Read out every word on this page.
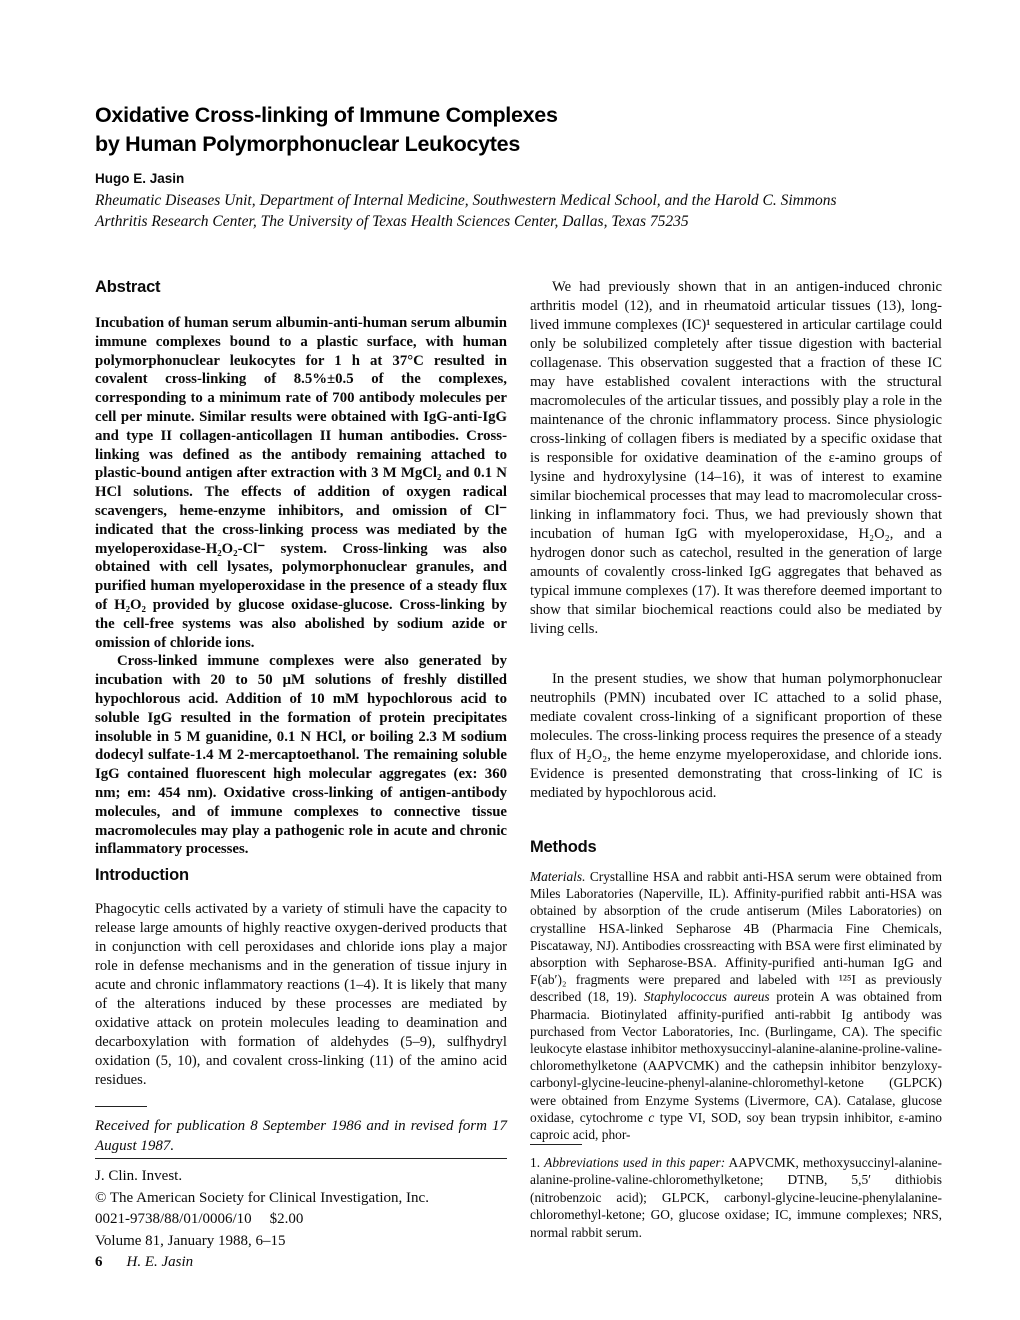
Oxidative Cross-linking of Immune Complexes
by Human Polymorphonuclear Leukocytes
Hugo E. Jasin
Rheumatic Diseases Unit, Department of Internal Medicine, Southwestern Medical School, and the Harold C. Simmons
Arthritis Research Center, The University of Texas Health Sciences Center, Dallas, Texas 75235
Abstract

Incubation of human serum albumin-anti-human serum albumin immune complexes bound to a plastic surface, with human polymorphonuclear leukocytes for 1 h at 37°C resulted in covalent cross-linking of 8.5%±0.5 of the complexes, corresponding to a minimum rate of 700 antibody molecules per cell per minute. Similar results were obtained with IgG-anti-IgG and type II collagen-anticollagen II human antibodies. Cross-linking was defined as the antibody remaining attached to plastic-bound antigen after extraction with 3 M MgCl₂ and 0.1 N HCl solutions. The effects of addition of oxygen radical scavengers, heme-enzyme inhibitors, and omission of Cl⁻ indicated that the cross-linking process was mediated by the myeloperoxidase-H₂O₂-Cl⁻ system. Cross-linking was also obtained with cell lysates, polymorphonuclear granules, and purified human myeloperoxidase in the presence of a steady flux of H₂O₂ provided by glucose oxidase-glucose. Cross-linking by the cell-free systems was also abolished by sodium azide or omission of chloride ions.

Cross-linked immune complexes were also generated by incubation with 20 to 50 μM solutions of freshly distilled hypochlorous acid. Addition of 10 mM hypochlorous acid to soluble IgG resulted in the formation of protein precipitates insoluble in 5 M guanidine, 0.1 N HCl, or boiling 2.3 M sodium dodecyl sulfate-1.4 M 2-mercaptoethanol. The remaining soluble IgG contained fluorescent high molecular aggregates (ex: 360 nm; em: 454 nm). Oxidative cross-linking of antigen-antibody molecules, and of immune complexes to connective tissue macromolecules may play a pathogenic role in acute and chronic inflammatory processes.

Introduction

Phagocytic cells activated by a variety of stimuli have the capacity to release large amounts of highly reactive oxygen-derived products that in conjunction with cell peroxidases and chloride ions play a major role in defense mechanisms and in the generation of tissue injury in acute and chronic inflammatory reactions (1–4). It is likely that many of the alterations induced by these processes are mediated by oxidative attack on protein molecules leading to deamination and decarboxylation with formation of aldehydes (5–9), sulfhydryl oxidation (5, 10), and covalent cross-linking (11) of the amino acid residues.

Received for publication 8 September 1986 and in revised form 17 August 1987.
J. Clin. Invest.
© The American Society for Clinical Investigation, Inc.
0021-9738/88/01/0006/10 $2.00
Volume 81, January 1988, 6–15

We had previously shown that in an antigen-induced chronic arthritis model (12), and in rheumatoid articular tissues (13), long-lived immune complexes (IC)¹ sequestered in articular cartilage could only be solubilized completely after tissue digestion with bacterial collagenase. This observation suggested that a fraction of these IC may have established covalent interactions with the structural macromolecules of the articular tissues, and possibly play a role in the maintenance of the chronic inflammatory process. Since physiologic cross-linking of collagen fibers is mediated by a specific oxidase that is responsible for oxidative deamination of the ε-amino groups of lysine and hydroxylysine (14–16), it was of interest to examine similar biochemical processes that may lead to macromolecular cross-linking in inflammatory foci. Thus, we had previously shown that incubation of human IgG with myeloperoxidase, H₂O₂, and a hydrogen donor such as catechol, resulted in the generation of large amounts of covalently cross-linked IgG aggregates that behaved as typical immune complexes (17). It was therefore deemed important to show that similar biochemical reactions could also be mediated by living cells.

In the present studies, we show that human polymorphonuclear neutrophils (PMN) incubated over IC attached to a solid phase, mediate covalent cross-linking of a significant proportion of these molecules. The cross-linking process requires the presence of a steady flux of H₂O₂, the heme enzyme myeloperoxidase, and chloride ions. Evidence is presented demonstrating that cross-linking of IC is mediated by hypochlorous acid.

Methods

Materials. Crystalline HSA and rabbit anti-HSA serum were obtained from Miles Laboratories (Naperville, IL). Affinity-purified rabbit anti-HSA was obtained by absorption of the crude antiserum (Miles Laboratories) on crystalline HSA-linked Sepharose 4B (Pharmacia Fine Chemicals, Piscataway, NJ). Antibodies crossreacting with BSA were first eliminated by absorption with Sepharose-BSA. Affinity-purified anti-human IgG and F(ab′)₂ fragments were prepared and labeled with ¹²⁵I as previously described (18, 19). Staphylococcus aureus protein A was obtained from Pharmacia. Biotinylated affinity-purified anti-rabbit Ig antibody was purchased from Vector Laboratories, Inc. (Burlingame, CA). The specific leukocyte elastase inhibitor methoxysuccinyl-alanine-alanine-proline-valine-chloromethylketone (AAPVCMK) and the cathepsin inhibitor benzyloxy-carbonyl-glycine-leucine-phenyl-alanine-chloromethyl-ketone (GLPCK) were obtained from Enzyme Systems (Livermore, CA). Catalase, glucose oxidase, cytochrome c type VI, SOD, soy bean trypsin inhibitor, ε-amino caproic acid, phor-

1. Abbreviations used in this paper: AAPVCMK, methoxysuccinyl-alanine-alanine-proline-valine-chloromethylketone; DTNB, 5,5′ dithiobis (nitrobenzoic acid); GLPCK, carbonyl-glycine-leucine-phenylalanine-chloromethyl-ketone; GO, glucose oxidase; IC, immune complexes; NRS, normal rabbit serum.
6 H. E. Jasin
